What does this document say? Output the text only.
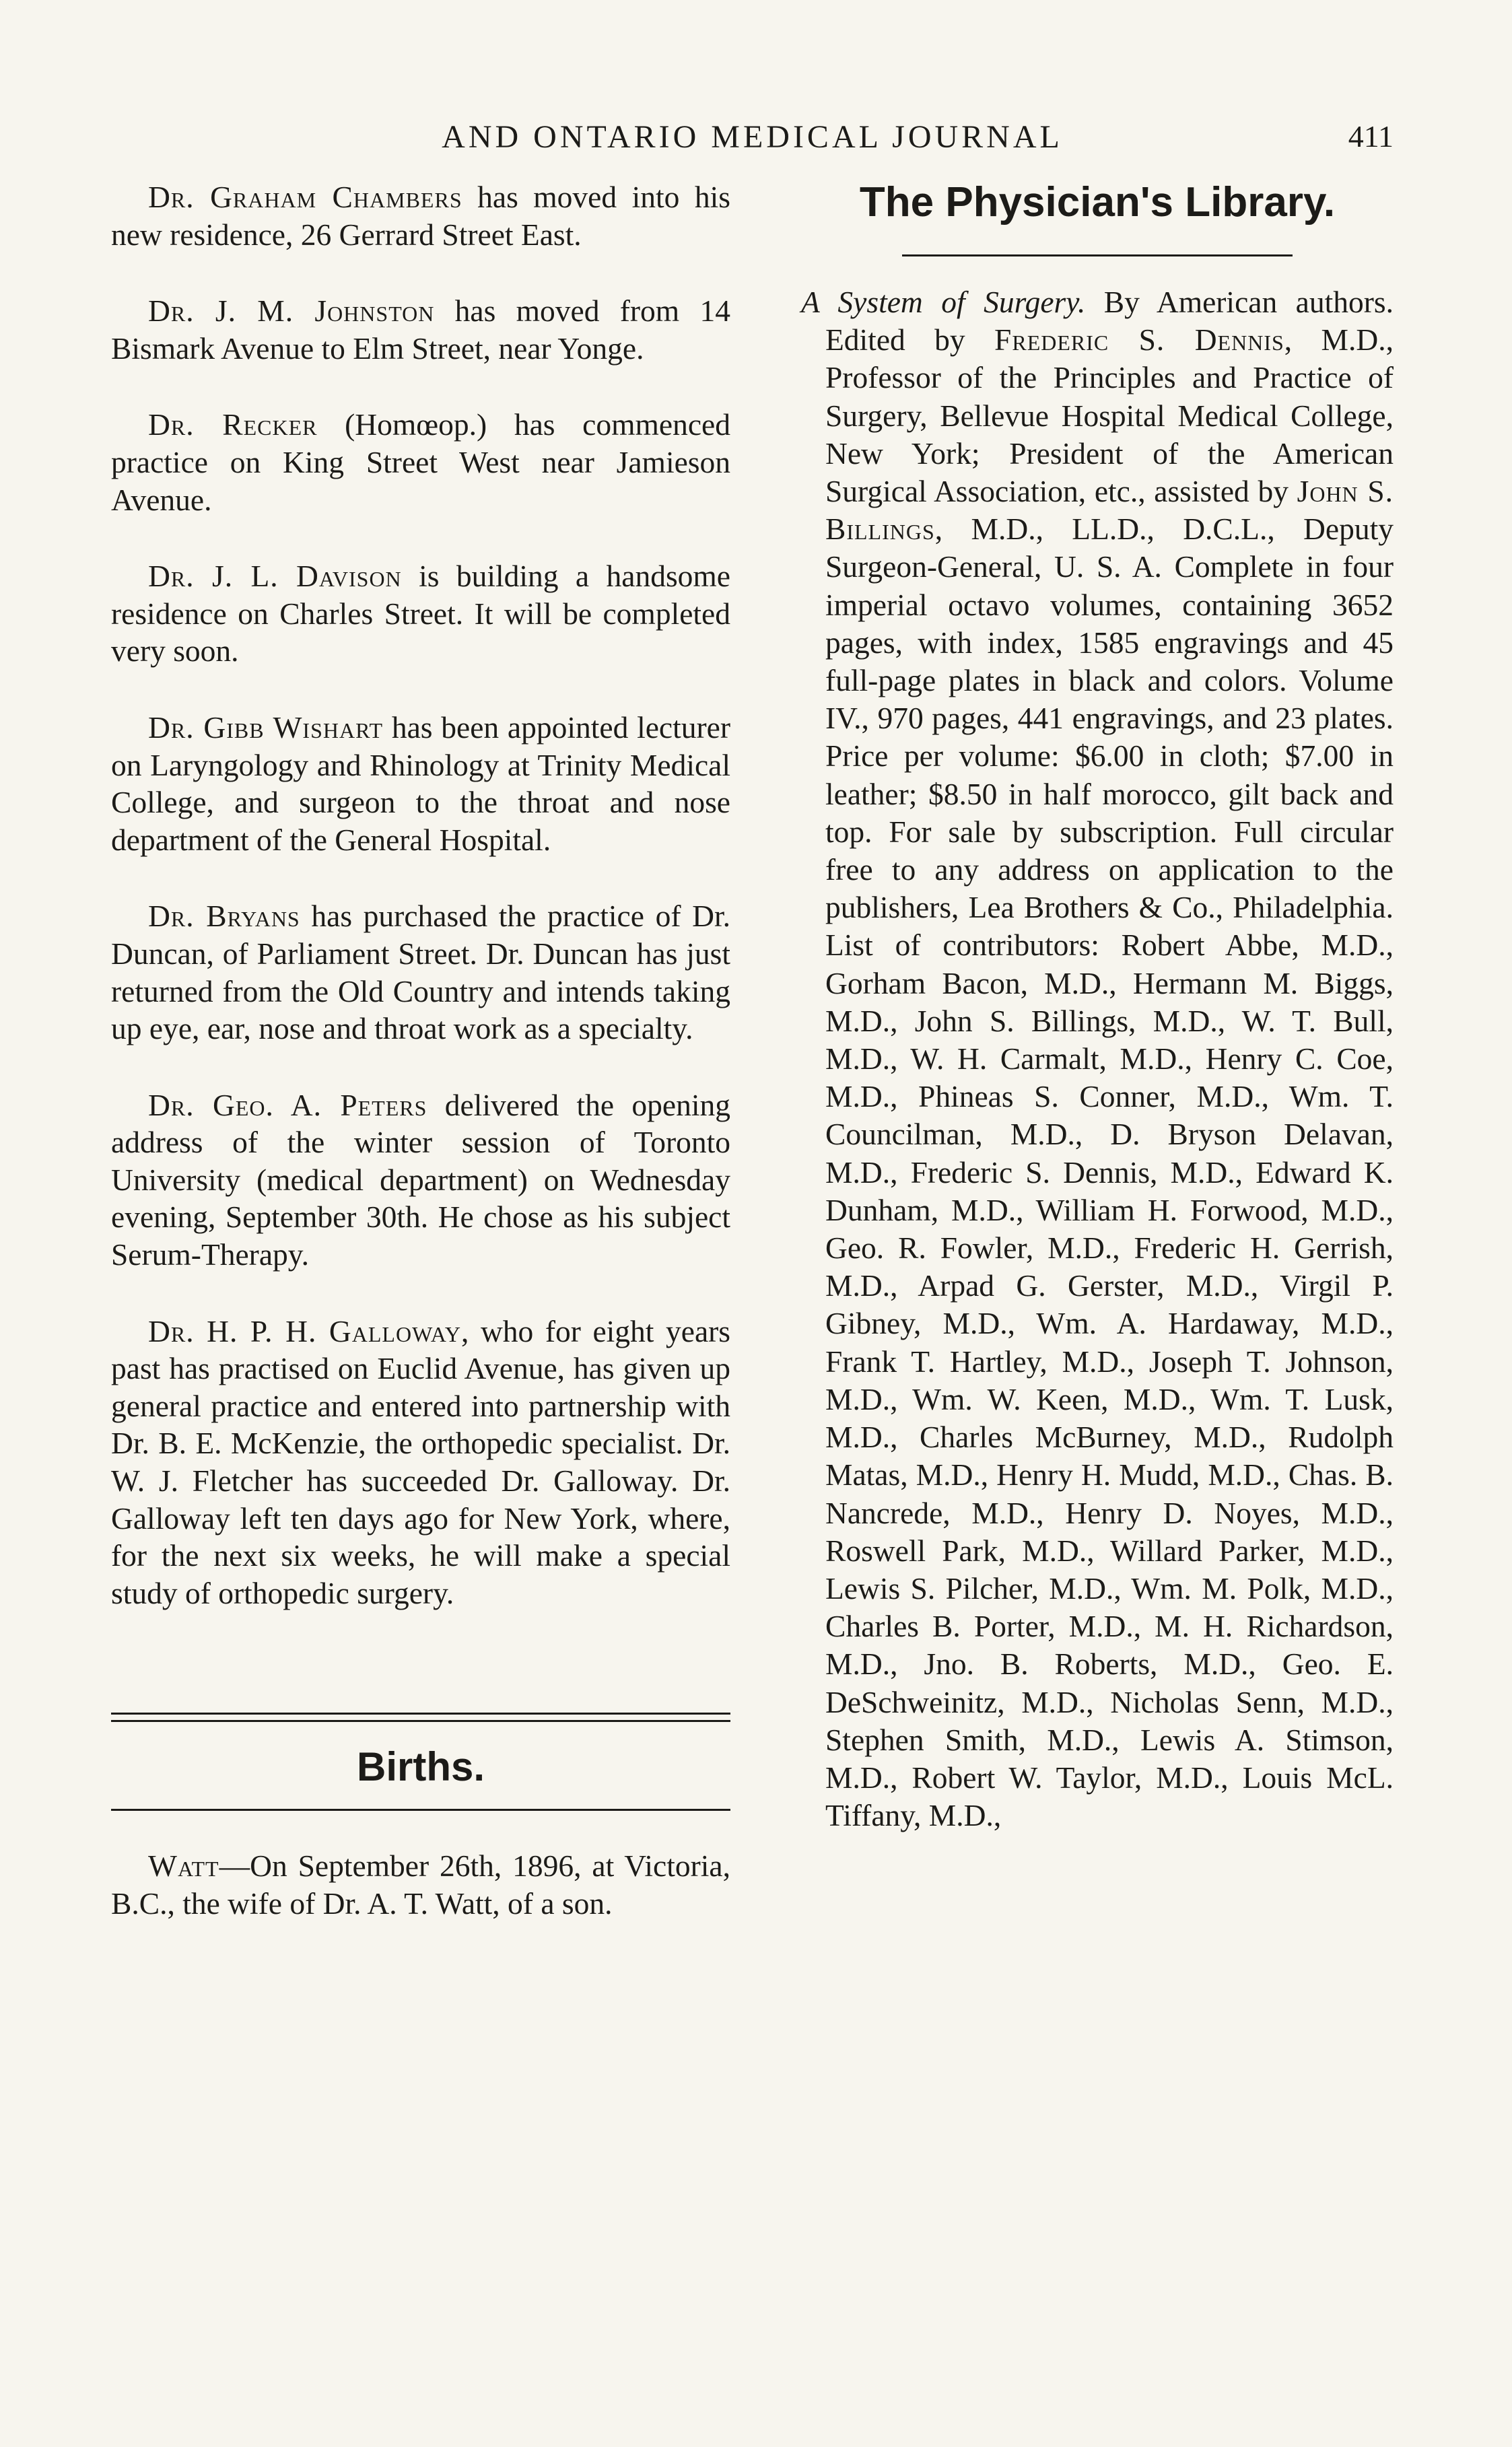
AND ONTARIO MEDICAL JOURNAL	411

Dr. Graham Chambers has moved into his new residence, 26 Gerrard Street East.

Dr. J. M. Johnston has moved from 14 Bismark Avenue to Elm Street, near Yonge.

Dr. Recker (Homœop.) has commenced practice on King Street West near Jamieson Avenue.

Dr. J. L. Davison is building a handsome residence on Charles Street. It will be completed very soon.

Dr. Gibb Wishart has been appointed lecturer on Laryngology and Rhinology at Trinity Medical College, and surgeon to the throat and nose department of the General Hospital.

Dr. Bryans has purchased the practice of Dr. Duncan, of Parliament Street. Dr. Duncan has just returned from the Old Country and intends taking up eye, ear, nose and throat work as a specialty.

Dr. Geo. A. Peters delivered the opening address of the winter session of Toronto University (medical department) on Wednesday evening, September 30th. He chose as his subject Serum-Therapy.

Dr. H. P. H. Galloway, who for eight years past has practised on Euclid Avenue, has given up general practice and entered into partnership with Dr. B. E. McKenzie, the orthopedic specialist. Dr. W. J. Fletcher has succeeded Dr. Galloway. Dr. Galloway left ten days ago for New York, where, for the next six weeks, he will make a special study of orthopedic surgery.

Births.

Watt—On September 26th, 1896, at Victoria, B.C., the wife of Dr. A. T. Watt, of a son.

The Physician's Library.

A System of Surgery. By American authors. Edited by Frederic S. Dennis, M.D., Professor of the Principles and Practice of Surgery, Bellevue Hospital Medical College, New York; President of the American Surgical Association, etc., assisted by John S. Billings, M.D., LL.D., D.C.L., Deputy Surgeon-General, U. S. A. Complete in four imperial octavo volumes, containing 3652 pages, with index, 1585 engravings and 45 full-page plates in black and colors. Volume IV., 970 pages, 441 engravings, and 23 plates. Price per volume: $6.00 in cloth; $7.00 in leather; $8.50 in half morocco, gilt back and top. For sale by subscription. Full circular free to any address on application to the publishers, Lea Brothers & Co., Philadelphia. List of contributors: Robert Abbe, M.D., Gorham Bacon, M.D., Hermann M. Biggs, M.D., John S. Billings, M.D., W. T. Bull, M.D., W. H. Carmalt, M.D., Henry C. Coe, M.D., Phineas S. Conner, M.D., Wm. T. Councilman, M.D., D. Bryson Delavan, M.D., Frederic S. Dennis, M.D., Edward K. Dunham, M.D., William H. Forwood, M.D., Geo. R. Fowler, M.D., Frederic H. Gerrish, M.D., Arpad G. Gerster, M.D., Virgil P. Gibney, M.D., Wm. A. Hardaway, M.D., Frank T. Hartley, M.D., Joseph T. Johnson, M.D., Wm. W. Keen, M.D., Wm. T. Lusk, M.D., Charles McBurney, M.D., Rudolph Matas, M.D., Henry H. Mudd, M.D., Chas. B. Nancrede, M.D., Henry D. Noyes, M.D., Roswell Park, M.D., Willard Parker, M.D., Lewis S. Pilcher, M.D., Wm. M. Polk, M.D., Charles B. Porter, M.D., M. H. Richardson, M.D., Jno. B. Roberts, M.D., Geo. E. DeSchweinitz, M.D., Nicholas Senn, M.D., Stephen Smith, M.D., Lewis A. Stimson, M.D., Robert W. Taylor, M.D., Louis McL. Tiffany, M.D.,
